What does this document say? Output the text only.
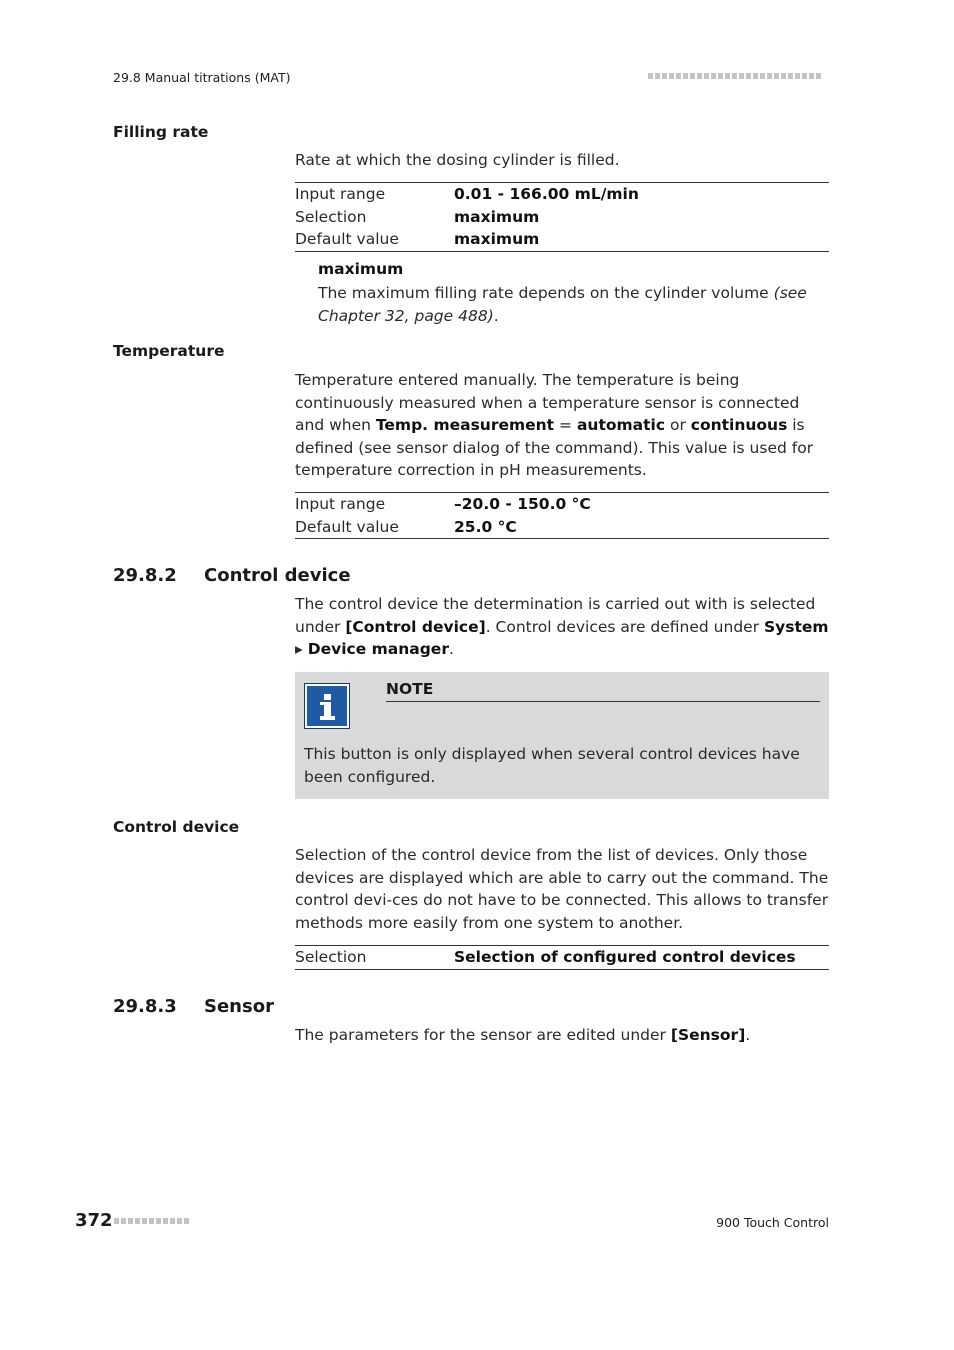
29.8 Manual titrations (MAT)
Filling rate
Rate at which the dosing cylinder is filled.
Input range	0.01 - 166.00 mL/min
Selection	maximum
Default value	maximum
maximum
The maximum filling rate depends on the cylinder volume (see Chapter 32, page 488).
Temperature
Temperature entered manually. The temperature is being continuously measured when a temperature sensor is connected and when Temp. measurement = automatic or continuous is defined (see sensor dialog of the command). This value is used for temperature correction in pH measurements.
Input range	–20.0 - 150.0 °C
Default value	25.0 °C
29.8.2 Control device
The control device the determination is carried out with is selected under [Control device]. Control devices are defined under System ▸ Device manager.
NOTE
This button is only displayed when several control devices have been configured.
Control device
Selection of the control device from the list of devices. Only those devices are displayed which are able to carry out the command. The control devi-ces do not have to be connected. This allows to transfer methods more easily from one system to another.
Selection	Selection of configured control devices
29.8.3 Sensor
The parameters for the sensor are edited under [Sensor].
372	900 Touch Control
